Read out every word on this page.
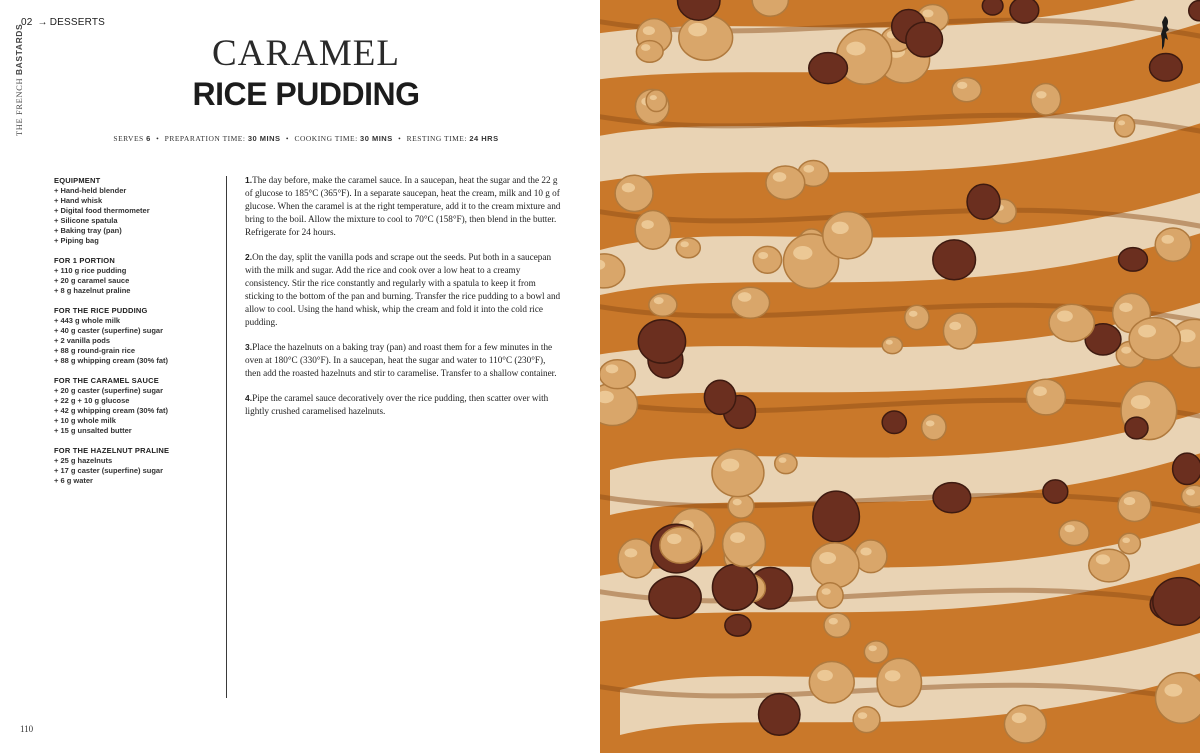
02 → DESSERTS
THE FRENCH BASTARDS	CARAMEL
RICE PUDDING
SERVES 6 • PREPARATION TIME: 30 MINS • COOKING TIME: 30 MINS • RESTING TIME: 24 HRS
EQUIPMENT
+ Hand-held blender
+ Hand whisk
+ Digital food thermometer
+ Silicone spatula
+ Baking tray (pan)
+ Piping bag
FOR 1 PORTION
+ 110 g rice pudding
+ 20 g caramel sauce
+ 8 g hazelnut praline
FOR THE RICE PUDDING
+ 443 g whole milk
+ 40 g caster (superfine) sugar
+ 2 vanilla pods
+ 88 g round-grain rice
+ 88 g whipping cream (30% fat)
FOR THE CARAMEL SAUCE
+ 20 g caster (superfine) sugar
+ 22 g + 10 g glucose
+ 42 g whipping cream (30% fat)
+ 10 g whole milk
+ 15 g unsalted butter
FOR THE HAZELNUT PRALINE
+ 25 g hazelnuts
+ 17 g caster (superfine) sugar
+ 6 g water

1.The day before, make the caramel sauce. In a saucepan, heat the sugar and the 22 g of glucose to 185°C (365°F). In a separate saucepan, heat the cream, milk and 10 g of glucose. When the caramel is at the right temperature, add it to the cream mixture and bring to the boil. Allow the mixture to cool to 70°C (158°F), then blend in the butter. Refrigerate for 24 hours.

2.On the day, split the vanilla pods and scrape out the seeds. Put both in a saucepan with the milk and sugar. Add the rice and cook over a low heat to a creamy consistency. Stir the rice constantly and regularly with a spatula to keep it from sticking to the bottom of the pan and burning. Transfer the rice pudding to a bowl and allow to cool. Using the hand whisk, whip the cream and fold it into the cold rice pudding.

3.Place the hazelnuts on a baking tray (pan) and roast them for a few minutes in the oven at 180°C (330°F). In a saucepan, heat the sugar and water to 110°C (230°F), then add the roasted hazelnuts and stir to caramelise. Transfer to a shallow container.

4.Pipe the caramel sauce decoratively over the rice pudding, then scatter over with lightly crushed caramelised hazelnuts.

110
